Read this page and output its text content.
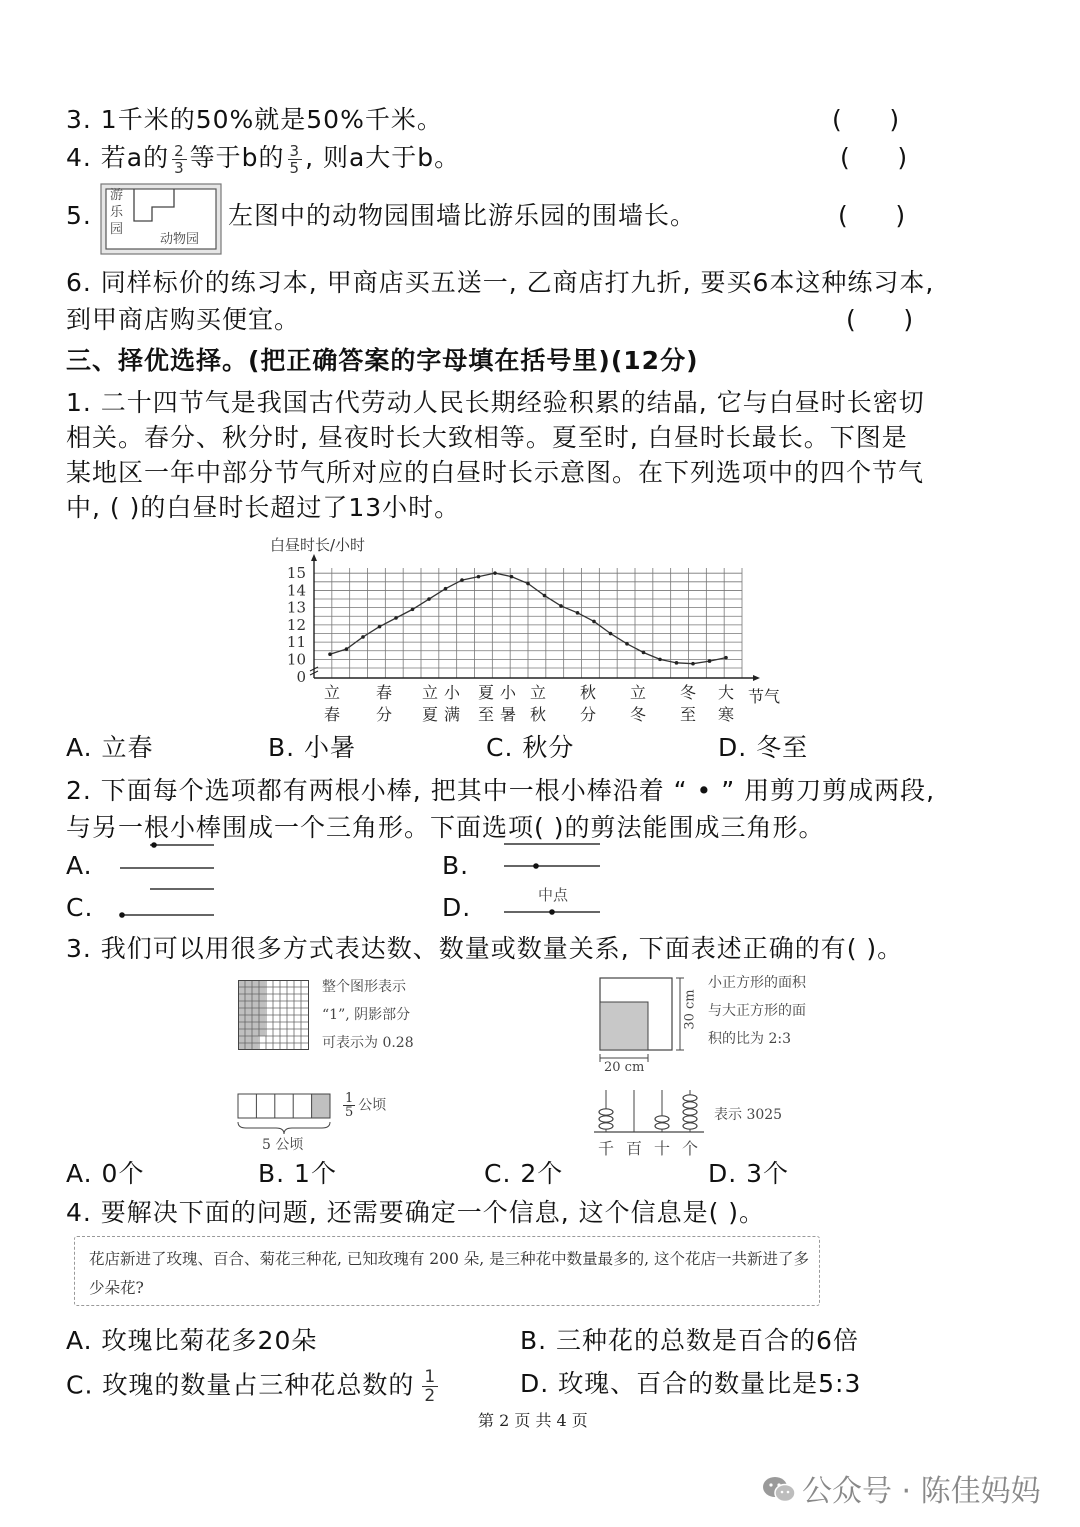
3. 1千米的50%就是50%千米。	(      )
4. 若a的 $\frac{2}{3}$ 等于b的 $\frac{3}{5}$ , 则a大于b。	(      )
5.
游乐园
动物园
左图中的动物园围墙比游乐园的围墙长。	(      )
6. 同样标价的练习本, 甲商店买五送一, 乙商店打九折, 要买6本这种练习本,
到甲商店购买便宜。	(      )
三、择优选择。(把正确答案的字母填在括号里)(12分)
1. 二十四节气是我国古代劳动人民长期经验积累的结晶, 它与白昼时长密切
相关。春分、秋分时, 昼夜时长大致相等。夏至时, 白昼时长最长。下图是
某地区一年中部分节气所对应的白昼时长示意图。在下列选项中的四个节气
中, ( )的白昼时长超过了13小时。
0
10
11
12
13
14
15
白昼时长/小时
立
春
春
分
立
夏
小
满
夏
至
小
暑
立
秋
秋
分
立
冬
冬
至
大
寒
节气
A. 立春	B. 小暑	C. 秋分	D. 冬至
2. 下面每个选项都有两根小棒, 把其中一根小棒沿着 “ • ” 用剪刀剪成两段,
与另一根小棒围成一个三角形。下面选项( )的剪法能围成三角形。
A.	B.
C.	D.	中点
3. 我们可以用很多方式表达数、数量或数量关系, 下面表述正确的有( )。
整个图形表示
“1”, 阴影部分
可表示为 0.28
30 cm
20 cm
小正方形的面积
与大正方形的面
积的比为 2:3
$\frac{1}{5}$ 公顷
5 公顷	千 百 十 个
表示 3025
A. 0个	B. 1个	C. 2个	D. 3个
4. 要解决下面的问题, 还需要确定一个信息, 这个信息是( )。
花店新进了玫瑰、百合、菊花三种花, 已知玫瑰有 200 朵, 是三种花中数量最多的, 这个花店一共新进了多少朵花?
A. 玫瑰比菊花多20朵	B. 三种花的总数是百合的6倍
C. 玫瑰的数量占三种花总数的 $\frac{1}{2}$	D. 玫瑰、百合的数量比是5:3
第 2 页 共 4 页
公众号 · 陈佳妈妈
